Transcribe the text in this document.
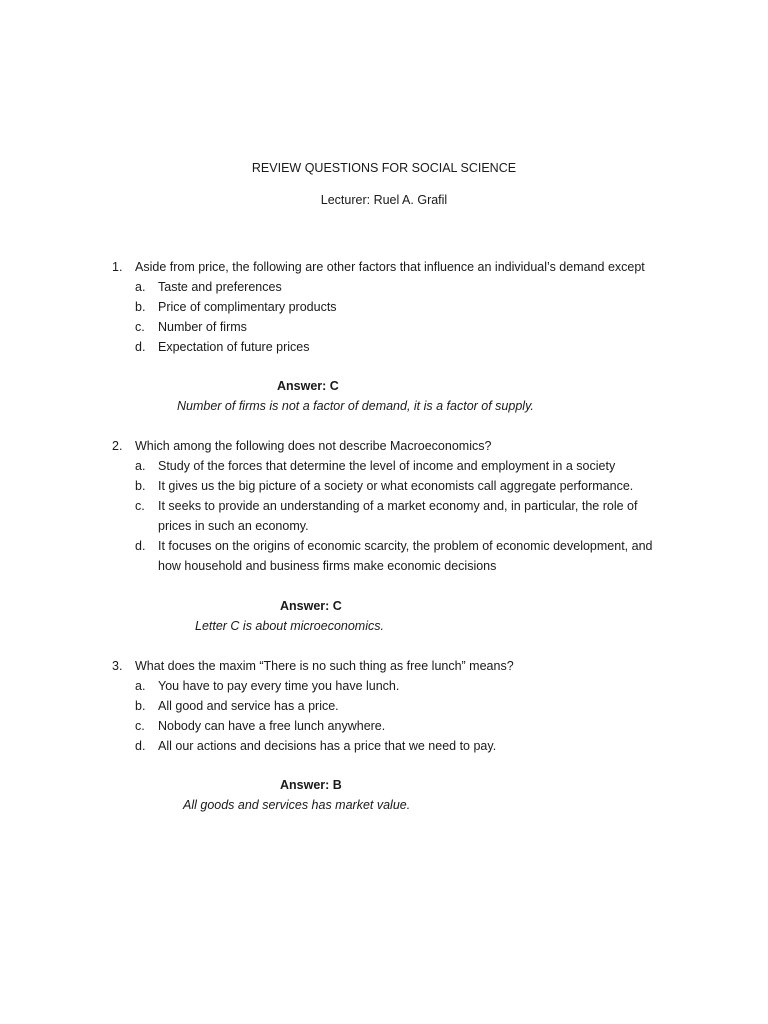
REVIEW QUESTIONS FOR SOCIAL SCIENCE
Lecturer: Ruel A. Grafil
1. Aside from price, the following are other factors that influence an individual’s demand except
a. Taste and preferences
b. Price of complimentary products
c. Number of firms
d. Expectation of future prices
Answer: C
Number of firms is not a factor of demand, it is a factor of supply.
2. Which among the following does not describe Macroeconomics?
a. Study of the forces that determine the level of income and employment in a society
b. It gives us the big picture of a society or what economists call aggregate performance.
c. It seeks to provide an understanding of a market economy and, in particular, the role of prices in such an economy.
d. It focuses on the origins of economic scarcity, the problem of economic development, and how household and business firms make economic decisions
Answer: C
Letter C is about microeconomics.
3. What does the maxim “There is no such thing as free lunch” means?
a. You have to pay every time you have lunch.
b. All good and service has a price.
c. Nobody can have a free lunch anywhere.
d. All our actions and decisions has a price that we need to pay.
Answer: B
All goods and services has market value.
